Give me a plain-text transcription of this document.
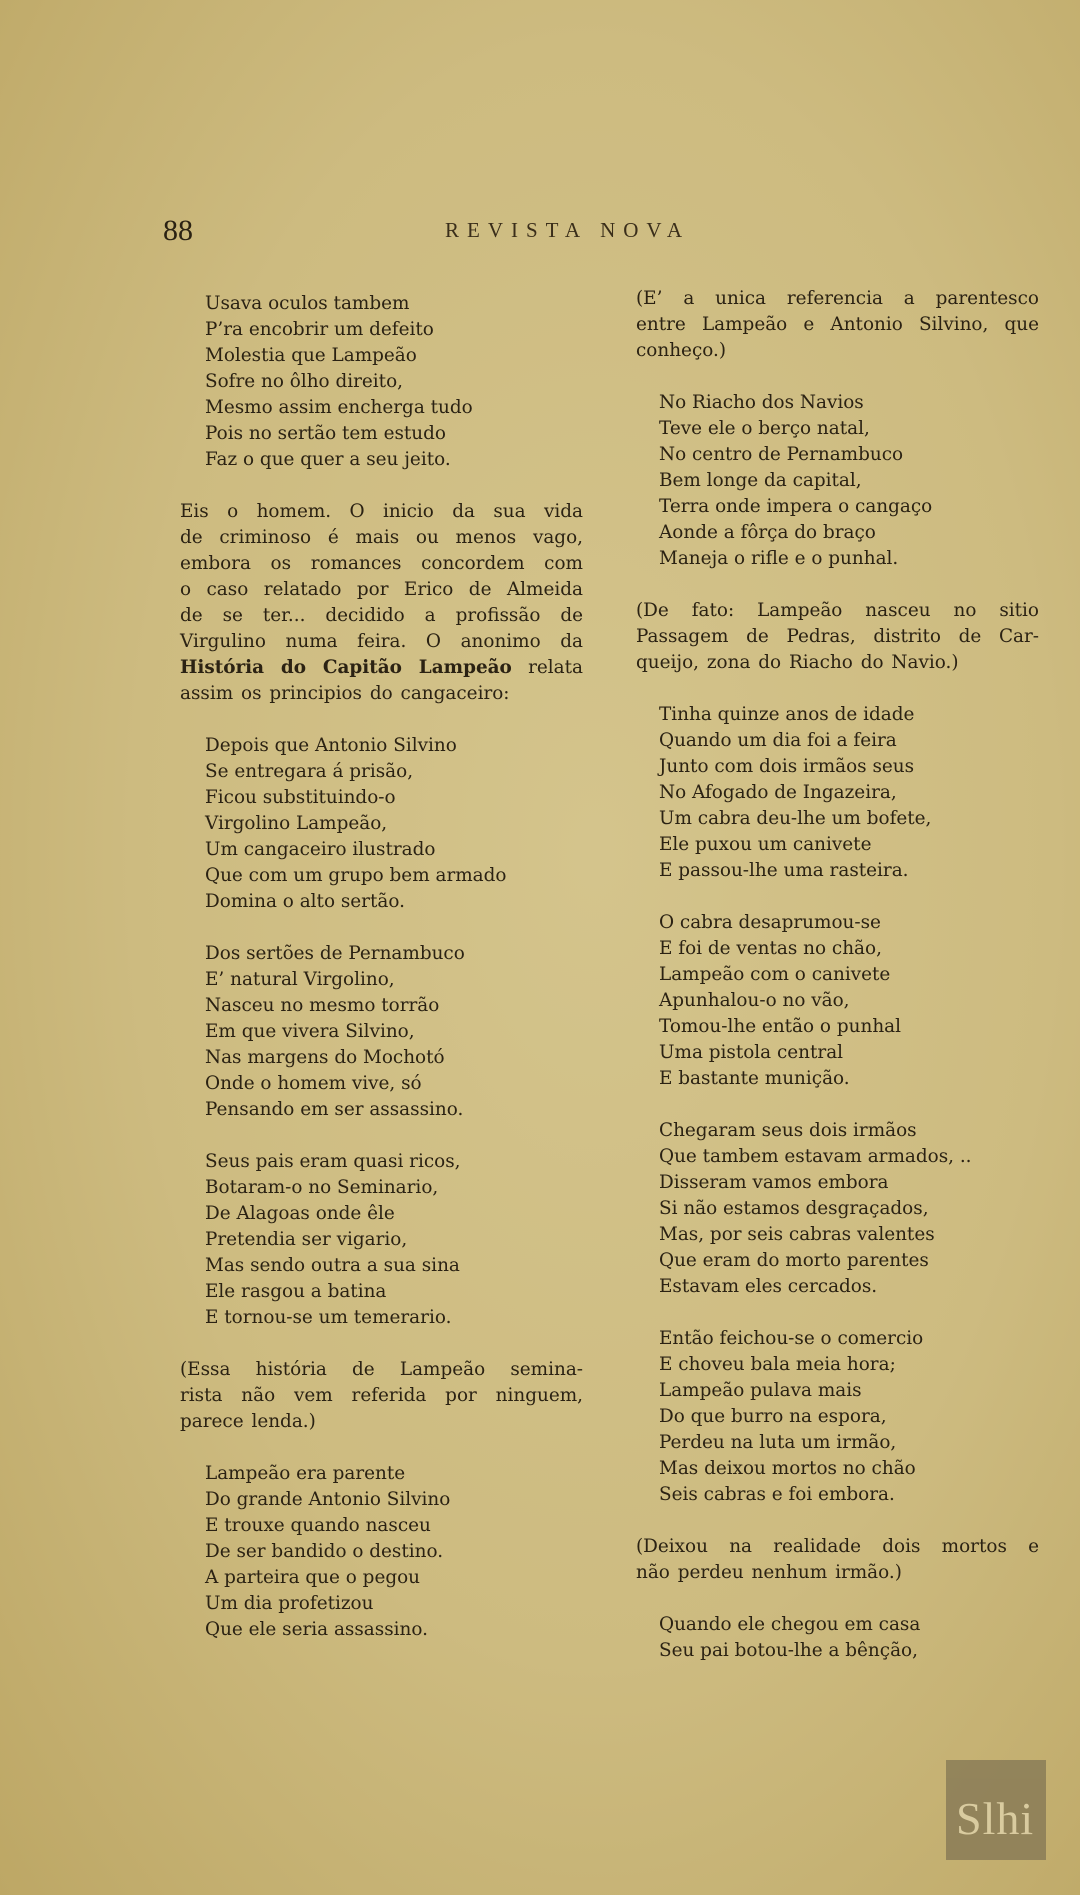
88	REVISTA NOVA
Usava oculos tambem
P’ra encobrir um defeito
Molestia que Lampeão
Sofre no ôlho direito,
Mesmo assim encherga tudo
Pois no sertão tem estudo
Faz o que quer a seu jeito.
Eis o homem. O inicio da sua vida
de criminoso é mais ou menos vago,
embora os romances concordem com
o caso relatado por Erico de Almeida
de se ter... decidido a profissão de
Virgulino numa feira. O anonimo da
História do Capitão Lampeão relata
assim os principios do cangaceiro:
Depois que Antonio Silvino
Se entregara á prisão,
Ficou substituindo-o
Virgolino Lampeão,
Um cangaceiro ilustrado
Que com um grupo bem armado
Domina o alto sertão.
Dos sertões de Pernambuco
E’ natural Virgolino,
Nasceu no mesmo torrão
Em que vivera Silvino,
Nas margens do Mochotó
Onde o homem vive, só
Pensando em ser assassino.
Seus pais eram quasi ricos,
Botaram-o no Seminario,
De Alagoas onde êle
Pretendia ser vigario,
Mas sendo outra a sua sina
Ele rasgou a batina
E tornou-se um temerario.
(Essa história de Lampeão semina-
rista não vem referida por ninguem,
parece lenda.)
Lampeão era parente
Do grande Antonio Silvino
E trouxe quando nasceu
De ser bandido o destino.
A parteira que o pegou
Um dia profetizou
Que ele seria assassino.
(E’ a unica referencia a parentesco
entre Lampeão e Antonio Silvino, que
conheço.)
No Riacho dos Navios
Teve ele o berço natal,
No centro de Pernambuco
Bem longe da capital,
Terra onde impera o cangaço
Aonde a fôrça do braço
Maneja o rifle e o punhal.
(De fato: Lampeão nasceu no sitio
Passagem de Pedras, distrito de Car-
queijo, zona do Riacho do Navio.)
Tinha quinze anos de idade
Quando um dia foi a feira
Junto com dois irmãos seus
No Afogado de Ingazeira,
Um cabra deu-lhe um bofete,
Ele puxou um canivete
E passou-lhe uma rasteira.
O cabra desaprumou-se
E foi de ventas no chão,
Lampeão com o canivete
Apunhalou-o no vão,
Tomou-lhe então o punhal
Uma pistola central
E bastante munição.
Chegaram seus dois irmãos
Que tambem estavam armados, ..
Disseram vamos embora
Si não estamos desgraçados,
Mas, por seis cabras valentes
Que eram do morto parentes
Estavam eles cercados.
Então feichou-se o comercio
E choveu bala meia hora;
Lampeão pulava mais
Do que burro na espora,
Perdeu na luta um irmão,
Mas deixou mortos no chão
Seis cabras e foi embora.
(Deixou na realidade dois mortos e
não perdeu nenhum irmão.)
Quando ele chegou em casa
Seu pai botou-lhe a bênção,
Slhi
